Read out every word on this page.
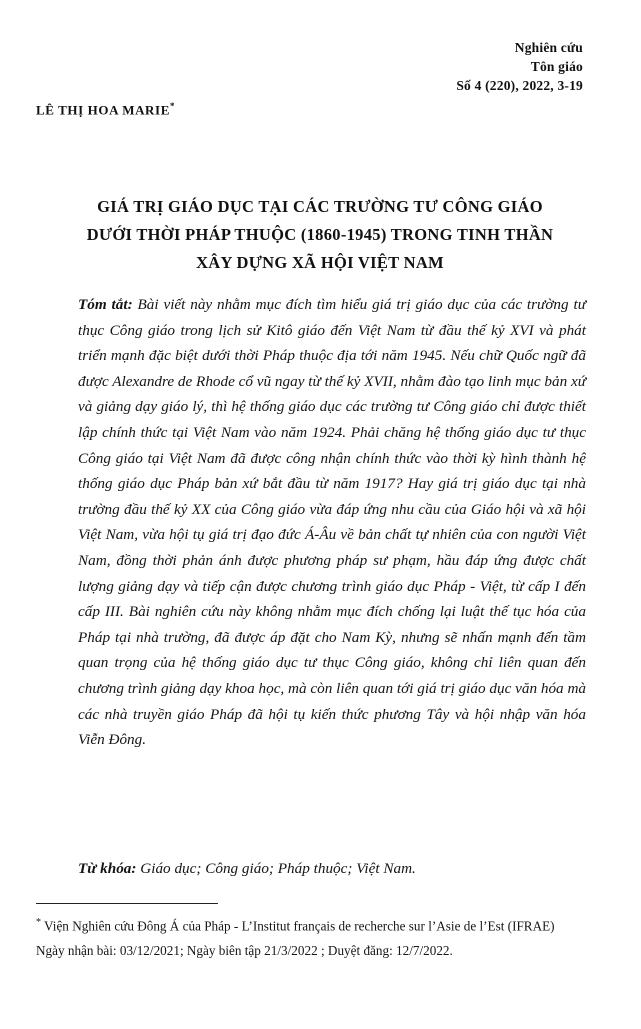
Nghiên cứu
Tôn giáo
Số 4 (220), 2022, 3-19
LÊ THỊ HOA MARIE*
GIÁ TRỊ GIÁO DỤC TẠI CÁC TRƯỜNG TƯ CÔNG GIÁO
DƯỚI THỜI PHÁP THUỘC (1860-1945) TRONG TINH THẦN
XÂY DỰNG XÃ HỘI VIỆT NAM
Tóm tắt: Bài viết này nhằm mục đích tìm hiểu giá trị giáo dục của các trường tư thục Công giáo trong lịch sử Kitô giáo đến Việt Nam từ đầu thế kỷ XVI và phát triển mạnh đặc biệt dưới thời Pháp thuộc địa tới năm 1945. Nếu chữ Quốc ngữ đã được Alexandre de Rhode cổ vũ ngay từ thế kỷ XVII, nhằm đào tạo linh mục bản xứ và giảng dạy giáo lý, thì hệ thống giáo dục các trường tư Công giáo chỉ được thiết lập chính thức tại Việt Nam vào năm 1924. Phải chăng hệ thống giáo dục tư thục Công giáo tại Việt Nam đã được công nhận chính thức vào thời kỳ hình thành hệ thống giáo dục Pháp bản xứ bắt đầu từ năm 1917? Hay giá trị giáo dục tại nhà trường đầu thế kỷ XX của Công giáo vừa đáp ứng nhu cầu của Giáo hội và xã hội Việt Nam, vừa hội tụ giá trị đạo đức Á-Âu về bản chất tự nhiên của con người Việt Nam, đồng thời phản ánh được phương pháp sư phạm, hầu đáp ứng được chất lượng giảng dạy và tiếp cận được chương trình giáo dục Pháp - Việt, từ cấp I đến cấp III. Bài nghiên cứu này không nhằm mục đích chống lại luật thế tục hóa của Pháp tại nhà trường, đã được áp đặt cho Nam Kỳ, nhưng sẽ nhấn mạnh đến tầm quan trọng của hệ thống giáo dục tư thục Công giáo, không chỉ liên quan đến chương trình giảng dạy khoa học, mà còn liên quan tới giá trị giáo dục văn hóa mà các nhà truyền giáo Pháp đã hội tụ kiến thức phương Tây và hội nhập văn hóa Viễn Đông.
Từ khóa: Giáo dục; Công giáo; Pháp thuộc; Việt Nam.
* Viện Nghiên cứu Đông Á của Pháp - L’Institut français de recherche sur l’Asie de l’Est (IFRAE)
Ngày nhận bài: 03/12/2021; Ngày biên tập 21/3/2022 ; Duyệt đăng: 12/7/2022.
